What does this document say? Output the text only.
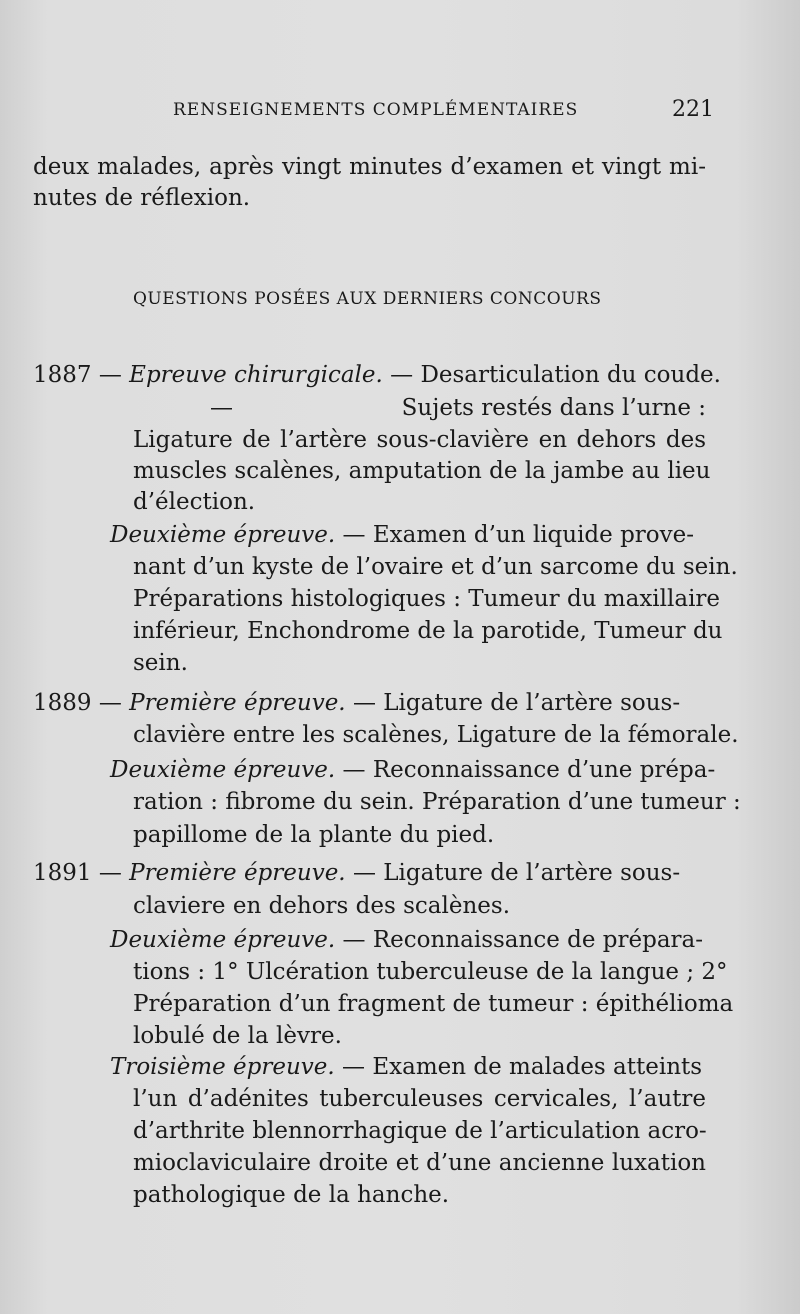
RENSEIGNEMENTS COMPLÉMENTAIRES	221
deux malades, après vingt minutes d’examen et vingt mi-
nutes de réflexion.
QUESTIONS POSÉES AUX DERNIERS CONCOURS
1887 — Epreuve chirurgicale. — Desarticulation du coude.
—	Sujets restés dans l’urne :
Ligature de l’artère sous-clavière en dehors des
muscles scalènes, amputation de la jambe au lieu
d’élection.
Deuxième épreuve. — Examen d’un liquide prove-
nant d’un kyste de l’ovaire et d’un sarcome du sein.
Préparations histologiques : Tumeur du maxillaire
inférieur, Enchondrome de la parotide, Tumeur du
sein.
1889 — Première épreuve. — Ligature de l’artère sous-
clavière entre les scalènes, Ligature de la fémorale.
Deuxième épreuve. — Reconnaissance d’une prépa-
ration : fibrome du sein. Préparation d’une tumeur :
papillome de la plante du pied.
1891 — Première épreuve. — Ligature de l’artère sous-
claviere en dehors des scalènes.
Deuxième épreuve. — Reconnaissance de prépara-
tions : 1° Ulcération tuberculeuse de la langue ; 2°
Préparation d’un fragment de tumeur : épithélioma
lobulé de la lèvre.
Troisième épreuve. — Examen de malades atteints
l’un d’adénites tuberculeuses cervicales, l’autre
d’arthrite blennorrhagique de l’articulation acro-
mioclaviculaire droite et d’une ancienne luxation
pathologique de la hanche.
